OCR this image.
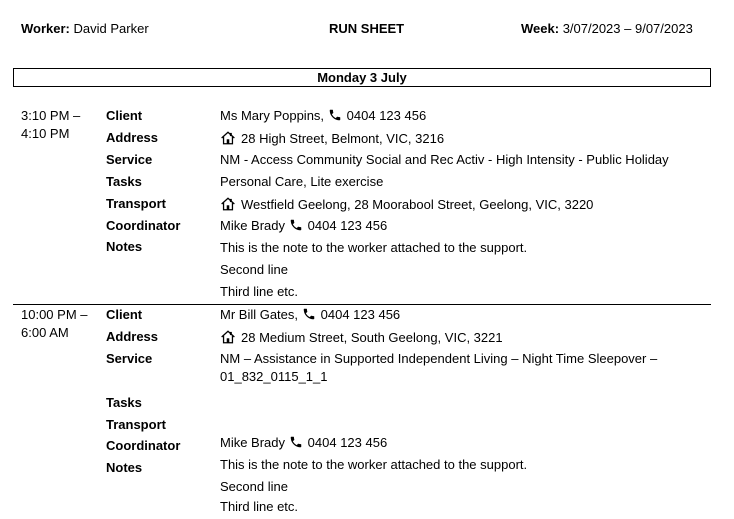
Worker: David Parker	RUN SHEET	Week: 3/07/2023 – 9/07/2023
Monday 3 July
3:10 PM – 4:10 PM
Client	Ms Mary Poppins, 0404 123 456
Address	28 High Street, Belmont, VIC, 3216
Service	NM - Access Community Social and Rec Activ - High Intensity - Public Holiday
Tasks	Personal Care, Lite exercise
Transport	Westfield Geelong, 28 Moorabool Street, Geelong, VIC, 3220
Coordinator	Mike Brady 0404 123 456
Notes	This is the note to the worker attached to the support.
Second line
Third line etc.
10:00 PM – 6:00 AM
Client	Mr Bill Gates, 0404 123 456
Address	28 Medium Street, South Geelong, VIC, 3221
Service	NM – Assistance in Supported Independent Living – Night Time Sleepover – 01_832_0115_1_1
Tasks
Transport
Coordinator	Mike Brady 0404 123 456
Notes	This is the note to the worker attached to the support.
Second line
Third line etc.
